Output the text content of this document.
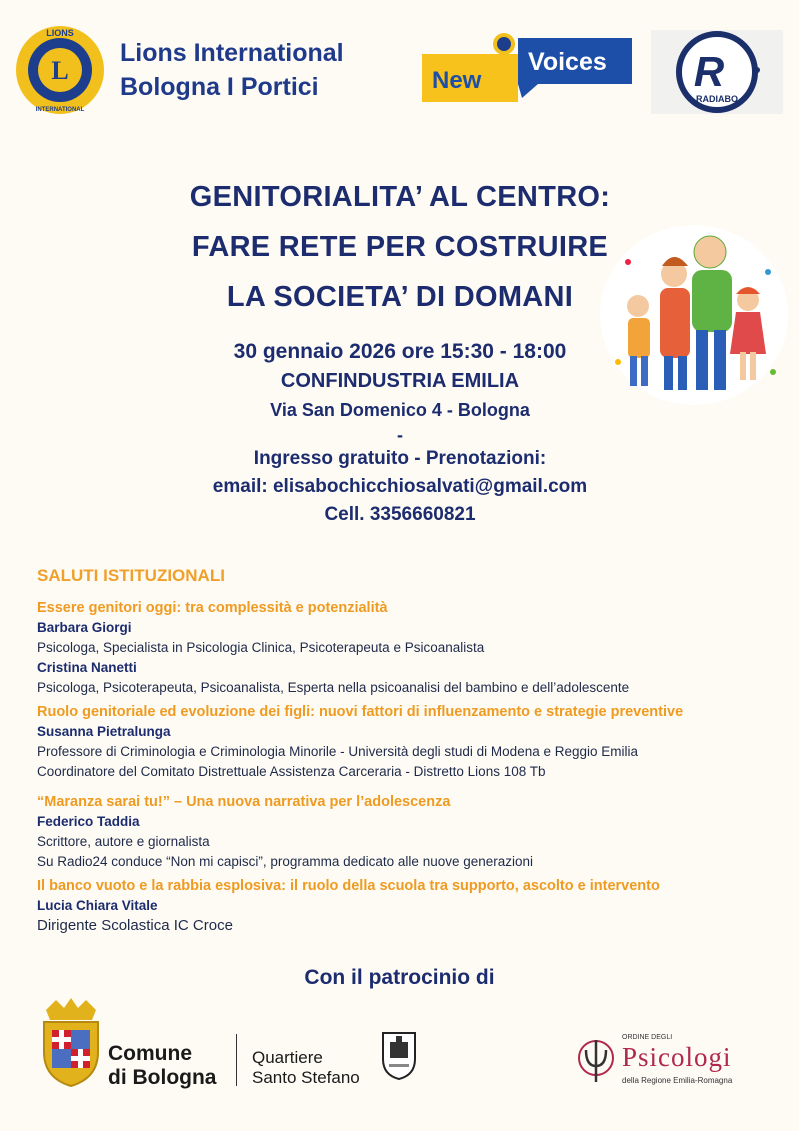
L
LIONS
INTERNATIONAL
Lions International
Bologna I Portici	New
Voices R
RADIABO
GENITORIALITA’ AL CENTRO:
FARE RETE PER COSTRUIRE
LA SOCIETA’ DI DOMANI
30 gennaio 2026 ore 15:30 - 18:00
CONFINDUSTRIA EMILIA
Via San Domenico 4 - Bologna
-
Ingresso gratuito - Prenotazioni:
email: elisabochicchiosalvati@gmail.com
Cell. 3356660821
SALUTI ISTITUZIONALI

Essere genitori oggi: tra complessità e potenzialità

Barbara Giorgi

Psicologa, Specialista in Psicologia Clinica, Psicoterapeuta e Psicoanalista

Cristina Nanetti

Psicologa, Psicoterapeuta, Psicoanalista, Esperta nella psicoanalisi del bambino e dell’adolescente

Ruolo genitoriale ed evoluzione dei figli: nuovi fattori di influenzamento e strategie preventive

Susanna Pietralunga

Professore di Criminologia e Criminologia Minorile - Università degli studi di Modena e Reggio Emilia

Coordinatore del Comitato Distrettuale Assistenza Carceraria - Distretto Lions 108 Tb

“Maranza sarai tu!” – Una nuova narrativa per l’adolescenza

Federico Taddia

Scrittore, autore e giornalista

Su Radio24 conduce “Non mi capisci”, programma dedicato alle nuove generazioni

Il banco vuoto e la rabbia esplosiva: il ruolo della scuola tra supporto, ascolto e intervento

Lucia Chiara Vitale

Dirigente Scolastica IC Croce

Con il patrocinio di
Comune
di Bologna
Quartiere
Santo Stefano
ORDINE DEGLI
Psicologi
della Regione Emilia-Romagna
